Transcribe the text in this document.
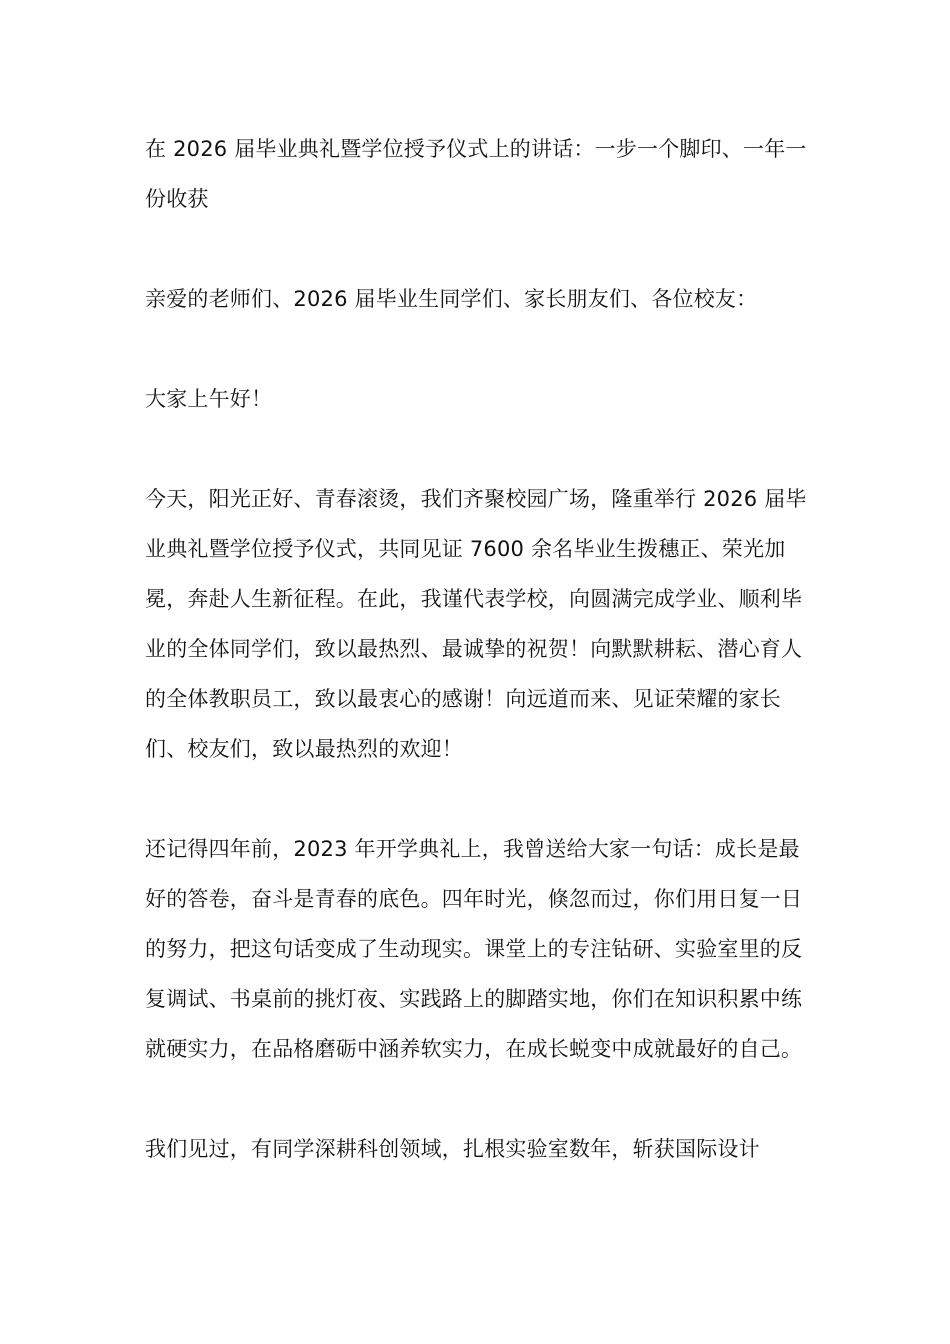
在 2026 届毕业典礼暨学位授予仪式上的讲话：一步一个脚印、一年一份收获

亲爱的老师们、2026 届毕业生同学们、家长朋友们、各位校友：

大家上午好！

今天，阳光正好、青春滚烫，我们齐聚校园广场，隆重举行 2026 届毕业典礼暨学位授予仪式，共同见证 7600 余名毕业生拨穗正、荣光加冕，奔赴人生新征程。在此，我谨代表学校，向圆满完成学业、顺利毕业的全体同学们，致以最热烈、最诚挚的祝贺！向默默耕耘、潜心育人的全体教职员工，致以最衷心的感谢！向远道而来、见证荣耀的家长们、校友们，致以最热烈的欢迎！

还记得四年前，2023 年开学典礼上，我曾送给大家一句话：成长是最好的答卷，奋斗是青春的底色。四年时光，倏忽而过，你们用日复一日的努力，把这句话变成了生动现实。课堂上的专注钻研、实验室里的反复调试、书桌前的挑灯夜、实践路上的脚踏实地，你们在知识积累中练就硬实力，在品格磨砺中涵养软实力，在成长蜕变中成就最好的自己。

我们见过，有同学深耕科创领域，扎根实验室数年，斩获国际设计
